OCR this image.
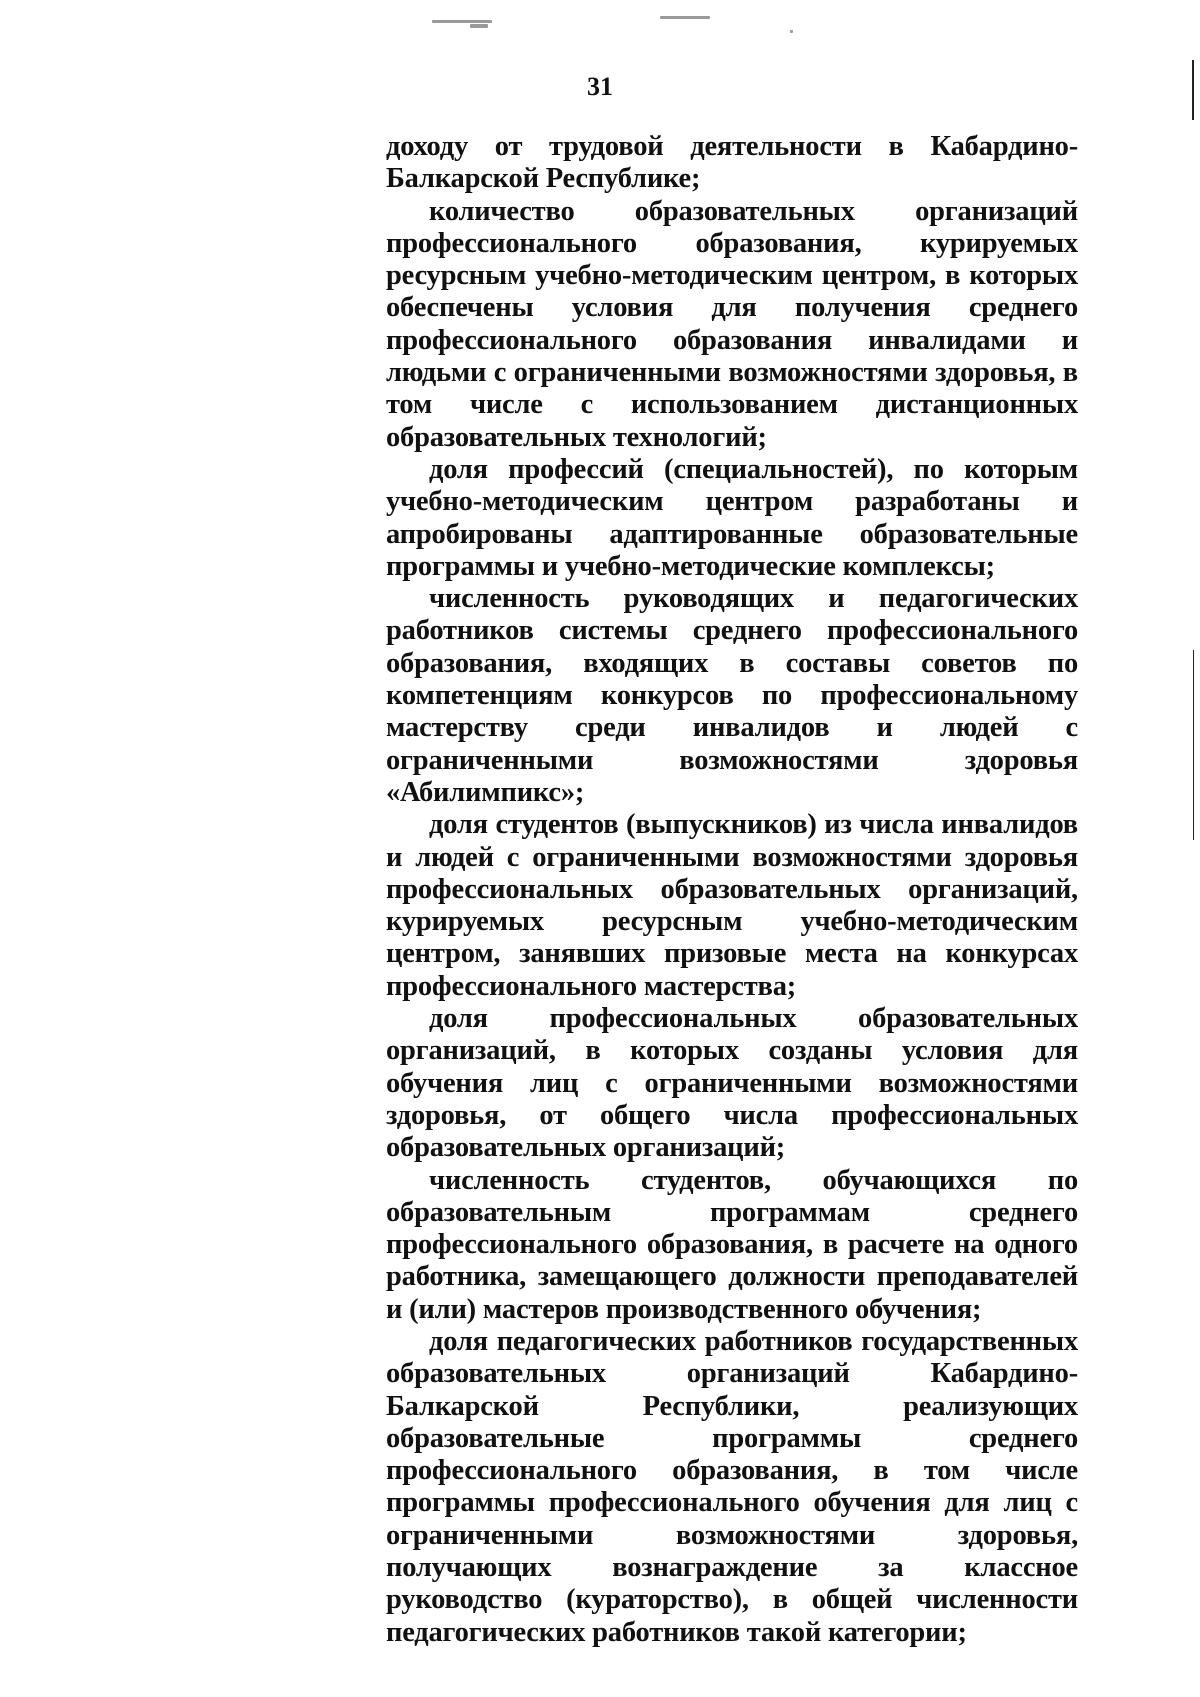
31

доходу от трудовой деятельности в Кабардино-Балкарской Республике;

количество образовательных организаций профессионального образования, курируемых ресурсным учебно-методическим центром, в которых обеспечены условия для получения среднего профессионального образования инвалидами и людьми с ограниченными возможностями здоровья, в том числе с использованием дистанционных образовательных технологий;

доля профессий (специальностей), по которым учебно-методическим центром разработаны и апробированы адаптированные образовательные программы и учебно-методические комплексы;

численность руководящих и педагогических работников системы среднего профессионального образования, входящих в составы советов по компетенциям конкурсов по профессиональному мастерству среди инвалидов и людей с ограниченными возможностями здоровья «Абилимпикс»;

доля студентов (выпускников) из числа инвалидов и людей с ограниченными возможностями здоровья профессиональных образовательных организаций, курируемых ресурсным учебно-методическим центром, занявших призовые места на конкурсах профессионального мастерства;

доля профессиональных образовательных организаций, в которых созданы условия для обучения лиц с ограниченными возможностями здоровья, от общего числа профессиональных образовательных организаций;

численность студентов, обучающихся по образовательным программам среднего профессионального образования, в расчете на одного работника, замещающего должности преподавателей и (или) мастеров производственного обучения;

доля педагогических работников государственных образовательных организаций Кабардино-Балкарской Республики, реализующих образовательные программы среднего профессионального образования, в том числе программы профессионального обучения для лиц с ограниченными возможностями здоровья, получающих вознаграждение за классное руководство (кураторство), в общей численности педагогических работников такой категории;
